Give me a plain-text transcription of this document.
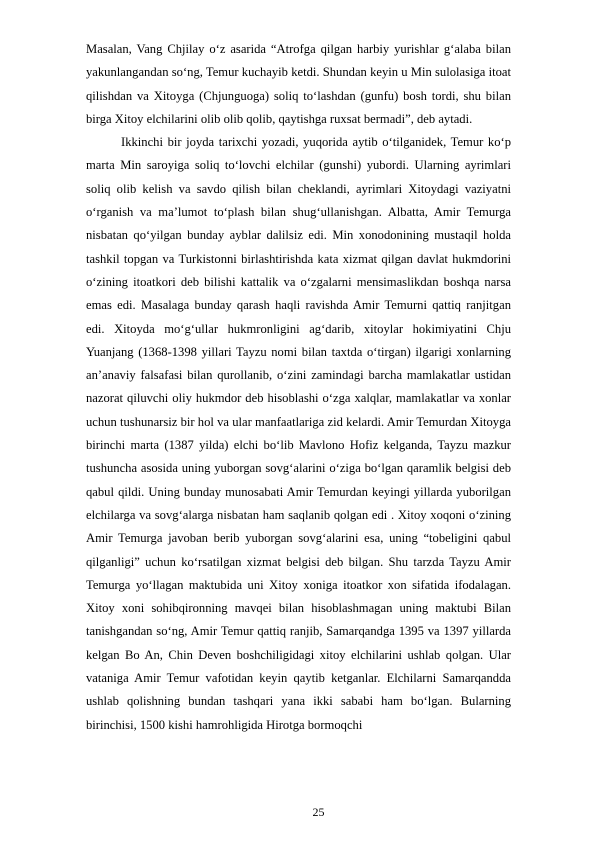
Masalan, Vang Chjilay o‘z asarida “Atrofga qilgan harbiy yurishlar g‘alaba bilan yakunlangandan so‘ng, Temur kuchayib ketdi. Shundan keyin u Min sulolasiga itoat qilishdan va Xitoyga (Chjunguoga) soliq to‘lashdan (gunfu) bosh tordi, shu bilan birga Xitoy elchilarini olib olib qolib, qaytishga ruxsat bermadi”, deb aytadi.

Ikkinchi bir joyda tarixchi yozadi, yuqorida aytib o‘tilganidek, Temur ko‘p marta Min saroyiga soliq to‘lovchi elchilar (gunshi) yubordi. Ularning ayrimlari soliq olib kelish va savdo qilish bilan cheklandi, ayrimlari Xitoydagi vaziyatni o‘rganish va ma’lumot to‘plash bilan shug‘ullanishgan. Albatta, Amir Temurga nisbatan qo‘yilgan bunday ayblar dalilsiz edi. Min xonodonining mustaqil holda tashkil topgan va Turkistonni birlashtirishda kata xizmat qilgan davlat hukmdorini o‘zining itoatkori deb bilishi kattalik va o‘zgalarni mensimaslikdan boshqa narsa emas edi. Masalaga bunday qarash haqli ravishda Amir Temurni qattiq ranjitgan edi. Xitoyda mo‘g‘ullar hukmronligini ag‘darib, xitoylar hokimiyatini Chju Yuanjang (1368-1398 yillari Tayzu nomi bilan taxtda o‘tirgan) ilgarigi xonlarning an’anaviy falsafasi bilan qurollanib, o‘zini zamindagi barcha mamlakatlar ustidan nazorat qiluvchi oliy hukmdor deb hisoblashi o‘zga xalqlar, mamlakatlar va xonlar uchun tushunarsiz bir hol va ular manfaatlariga zid kelardi. Amir Temurdan Xitoyga birinchi marta (1387 yilda) elchi bo‘lib Mavlono Hofiz kelganda, Tayzu mazkur tushuncha asosida uning yuborgan sovg‘alarini o‘ziga bo‘lgan qaramlik belgisi deb qabul qildi. Uning bunday munosabati Amir Temurdan keyingi yillarda yuborilgan elchilarga va sovg‘alarga nisbatan ham saqlanib qolgan edi . Xitoy xoqoni o‘zining Amir Temurga javoban berib yuborgan sovg‘alarini esa, uning “tobeligini qabul qilganligi” uchun ko‘rsatilgan xizmat belgisi deb bilgan. Shu tarzda Tayzu Amir Temurga yo‘llagan maktubida uni Xitoy xoniga itoatkor xon sifatida ifodalagan. Xitoy xoni sohibqironning mavqei bilan hisoblashmagan uning maktubi Bilan tanishgandan so‘ng, Amir Temur qattiq ranjib, Samarqandga 1395 va 1397 yillarda kelgan Bo An, Chin Deven boshchiligidagi xitoy elchilarini ushlab qolgan. Ular vataniga Amir Temur vafotidan keyin qaytib ketganlar. Elchilarni Samarqandda ushlab qolishning bundan tashqari yana ikki sababi ham bo‘lgan. Bularning birinchisi, 1500 kishi hamrohligida Hirotga bormoqchi

25
